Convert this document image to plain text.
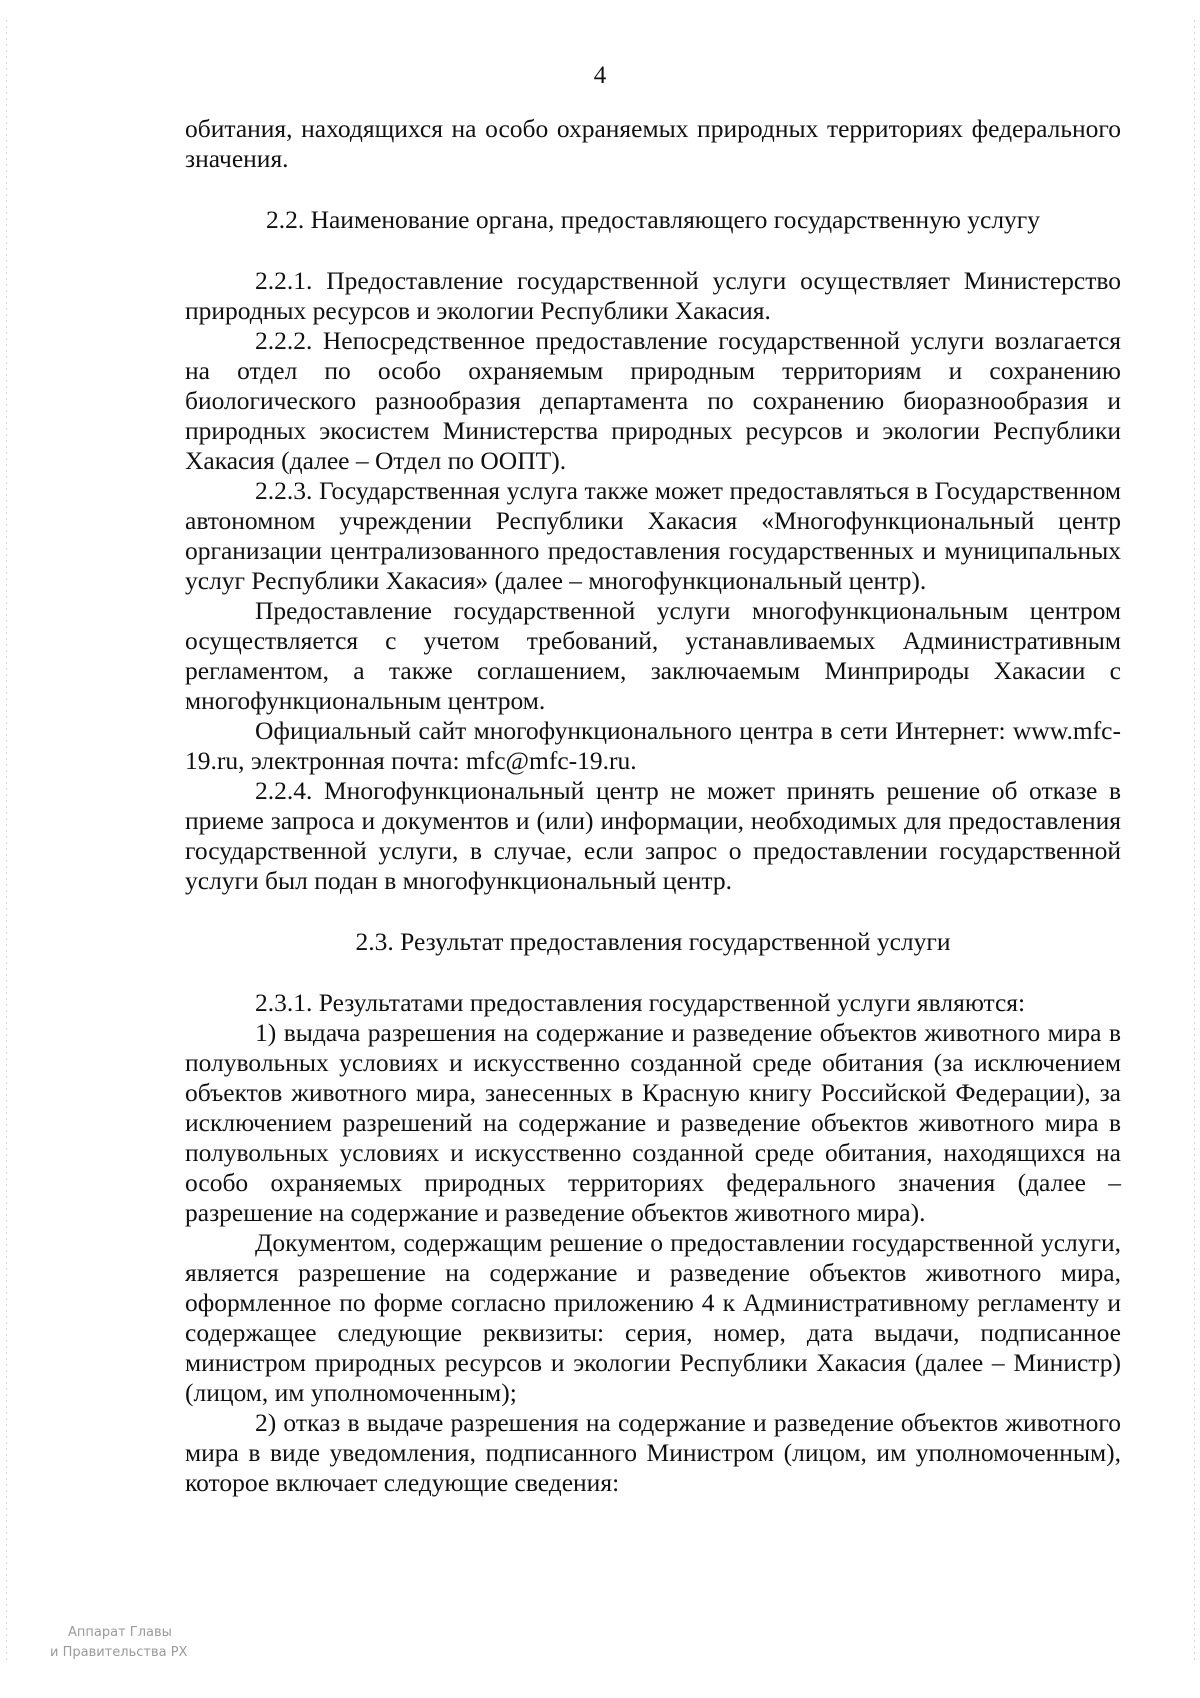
4

обитания, находящихся на особо охраняемых природных территориях федерального значения.

2.2. Наименование органа, предоставляющего государственную услугу

2.2.1. Предоставление государственной услуги осуществляет Министерство природных ресурсов и экологии Республики Хакасия.

2.2.2. Непосредственное предоставление государственной услуги возлагается на отдел по особо охраняемым природным территориям и сохранению биологического разнообразия департамента по сохранению биоразнообразия и природных экосистем Министерства природных ресурсов и экологии Республики Хакасия (далее – Отдел по ООПТ).

2.2.3. Государственная услуга также может предоставляться в Государственном автономном учреждении Республики Хакасия «Многофункциональный центр организации централизованного предоставления государственных и муниципальных услуг Республики Хакасия» (далее – многофункциональный центр).

Предоставление государственной услуги многофункциональным центром осуществляется с учетом требований, устанавливаемых Административным регламентом, а также соглашением, заключаемым Минприроды Хакасии с многофункциональным центром.

Официальный сайт многофункционального центра в сети Интернет: www.mfc-19.ru, электронная почта: mfc@mfc-19.ru.

2.2.4. Многофункциональный центр не может принять решение об отказе в приеме запроса и документов и (или) информации, необходимых для предоставления государственной услуги, в случае, если запрос о предоставлении государственной услуги был подан в многофункциональный центр.

2.3. Результат предоставления государственной услуги

2.3.1. Результатами предоставления государственной услуги являются:

1) выдача разрешения на содержание и разведение объектов животного мира в полувольных условиях и искусственно созданной среде обитания (за исключением объектов животного мира, занесенных в Красную книгу Российской Федерации), за исключением разрешений на содержание и разведение объектов животного мира в полувольных условиях и искусственно созданной среде обитания, находящихся на особо охраняемых природных территориях федерального значения (далее – разрешение на содержание и разведение объектов животного мира).

Документом, содержащим решение о предоставлении государственной услуги, является разрешение на содержание и разведение объектов животного мира, оформленное по форме согласно приложению 4 к Административному регламенту и содержащее следующие реквизиты: серия, номер, дата выдачи, подписанное министром природных ресурсов и экологии Республики Хакасия (далее – Министр) (лицом, им уполномоченным);

2) отказ в выдаче разрешения на содержание и разведение объектов животного мира в виде уведомления, подписанного Министром (лицом, им уполномоченным), которое включает следующие сведения:

Аппарат Главы
и Правительства РХ
